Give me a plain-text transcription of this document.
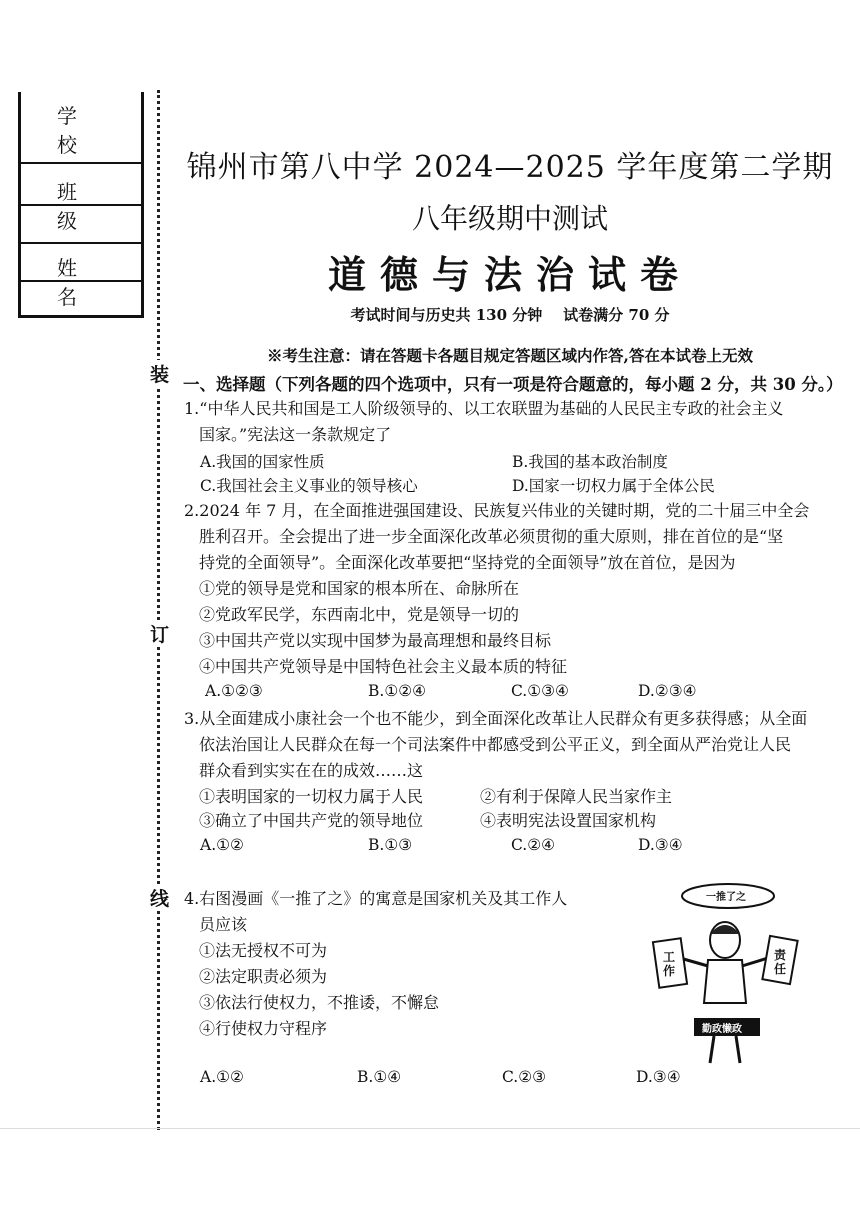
学 校
班 级
姓 名
装
订
线
锦州市第八中学 2024—2025 学年度第二学期
八年级期中测试
道德与法治试卷
考试时间与历史共 130 分钟    试卷满分 70 分
※考生注意：请在答题卡各题目规定答题区域内作答,答在本试卷上无效
一、选择题（下列各题的四个选项中，只有一项是符合题意的，每小题 2 分，共 30 分。）
1.“中华人民共和国是工人阶级领导的、以工农联盟为基础的人民民主专政的社会主义
国家。”宪法这一条款规定了
A.我国的国家性质	B.我国的基本政治制度
C.我国社会主义事业的领导核心	D.国家一切权力属于全体公民
2.2024 年 7 月，在全面推进强国建设、民族复兴伟业的关键时期，党的二十届三中全会
胜利召开。全会提出了进一步全面深化改革必须贯彻的重大原则，排在首位的是“坚
持党的全面领导”。全面深化改革要把“坚持党的全面领导”放在首位，是因为
①党的领导是党和国家的根本所在、命脉所在
②党政军民学，东西南北中，党是领导一切的
③中国共产党以实现中国梦为最高理想和最终目标
④中国共产党领导是中国特色社会主义最本质的特征
A.①②③	B.①②④	C.①③④	D.②③④
3.从全面建成小康社会一个也不能少，到全面深化改革让人民群众有更多获得感；从全面
依法治国让人民群众在每一个司法案件中都感受到公平正义，到全面从严治党让人民
群众看到实实在在的成效……这
①表明国家的一切权力属于人民	②有利于保障人民当家作主
③确立了中国共产党的领导地位	④表明宪法设置国家机构
A.①②	B.①③	C.②④	D.③④
4.右图漫画《一推了之》的寓意是国家机关及其工作人
员应该
①法无授权不可为
②法定职责必须为
③依法行使权力，不推诿，不懈怠
④行使权力守程序
A.①②	B.①④	C.②③	D.③④
一推了之
工作
责任
勤政懒政
